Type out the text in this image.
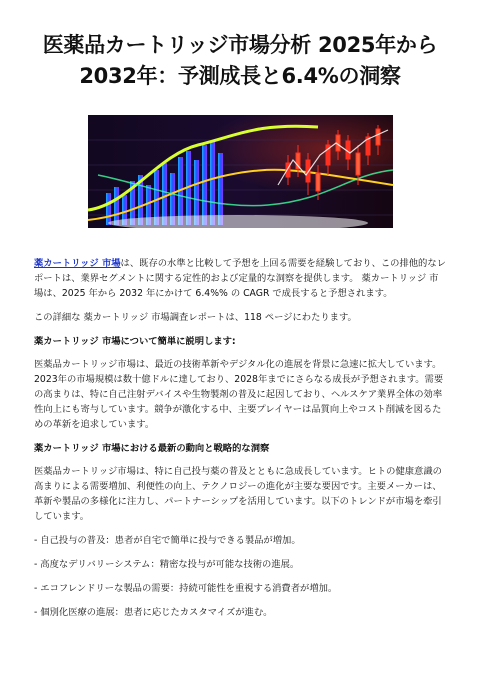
医薬品カートリッジ市場分析 2025年から2032年：予測成長と6.4%の洞察

薬カートリッジ 市場は、既存の水準と比較して予想を上回る需要を経験しており、この排他的なレポートは、業界セグメントに関する定性的および定量的な洞察を提供します。 薬カートリッジ 市場は、2025 年から 2032 年にかけて 6.4%% の CAGR で成長すると予想されます。

この詳細な 薬カートリッジ 市場調査レポートは、118 ページにわたります。

薬カートリッジ 市場について簡単に説明します:

医薬品カートリッジ市場は、最近の技術革新やデジタル化の進展を背景に急速に拡大しています。2023年の市場規模は数十億ドルに達しており、2028年までにさらなる成長が予想されます。需要の高まりは、特に自己注射デバイスや生物製剤の普及に起因しており、ヘルスケア業界全体の効率性向上にも寄与しています。競争が激化する中、主要プレイヤーは品質向上やコスト削減を図るための革新を追求しています。

薬カートリッジ 市場における最新の動向と戦略的な洞察

医薬品カートリッジ市場は、特に自己投与薬の普及とともに急成長しています。ヒトの健康意識の高まりによる需要増加、利便性の向上、テクノロジーの進化が主要な要因です。主要メーカーは、革新や製品の多様化に注力し、パートナーシップを活用しています。以下のトレンドが市場を牽引しています。

- 自己投与の普及：患者が自宅で簡単に投与できる製品が増加。

- 高度なデリバリーシステム：精密な投与が可能な技術の進展。

- エコフレンドリーな製品の需要：持続可能性を重視する消費者が増加。

- 個別化医療の進展：患者に応じたカスタマイズが進む。
